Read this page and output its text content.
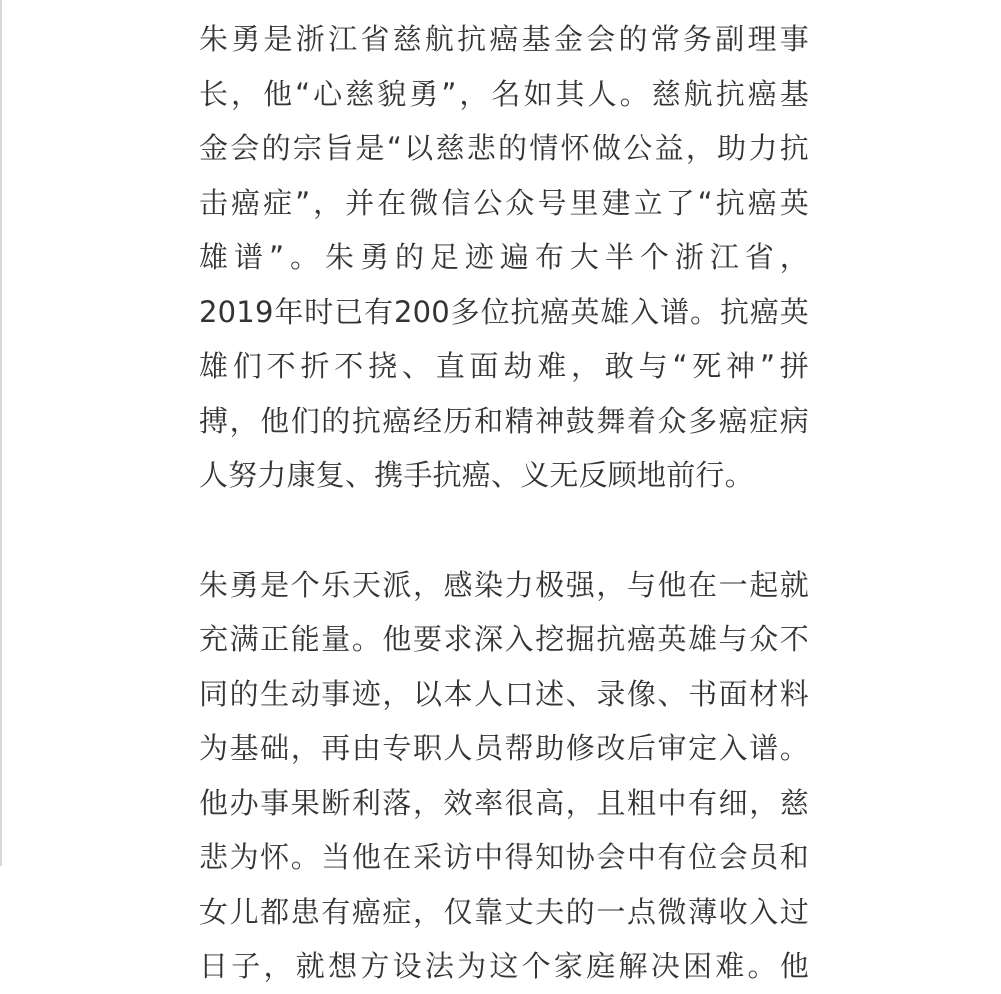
朱勇是浙江省慈航抗癌基金会的常务副理事
长，他“心慈貌勇”，名如其人。慈航抗癌基
金会的宗旨是“以慈悲的情怀做公益，助力抗
击癌症”，并在微信公众号里建立了“抗癌英
雄谱”。朱勇的足迹遍布大半个浙江省，
2019年时已有200多位抗癌英雄入谱。抗癌英
雄们不折不挠、直面劫难，敢与“死神”拼
搏，他们的抗癌经历和精神鼓舞着众多癌症病
人努力康复、携手抗癌、义无反顾地前行。
朱勇是个乐天派，感染力极强，与他在一起就
充满正能量。他要求深入挖掘抗癌英雄与众不
同的生动事迹，以本人口述、录像、书面材料
为基础，再由专职人员帮助修改后审定入谱。
他办事果断利落，效率很高，且粗中有细，慈
悲为怀。当他在采访中得知协会中有位会员和
女儿都患有癌症，仅靠丈夫的一点微薄收入过
日子，就想方设法为这个家庭解决困难。他
